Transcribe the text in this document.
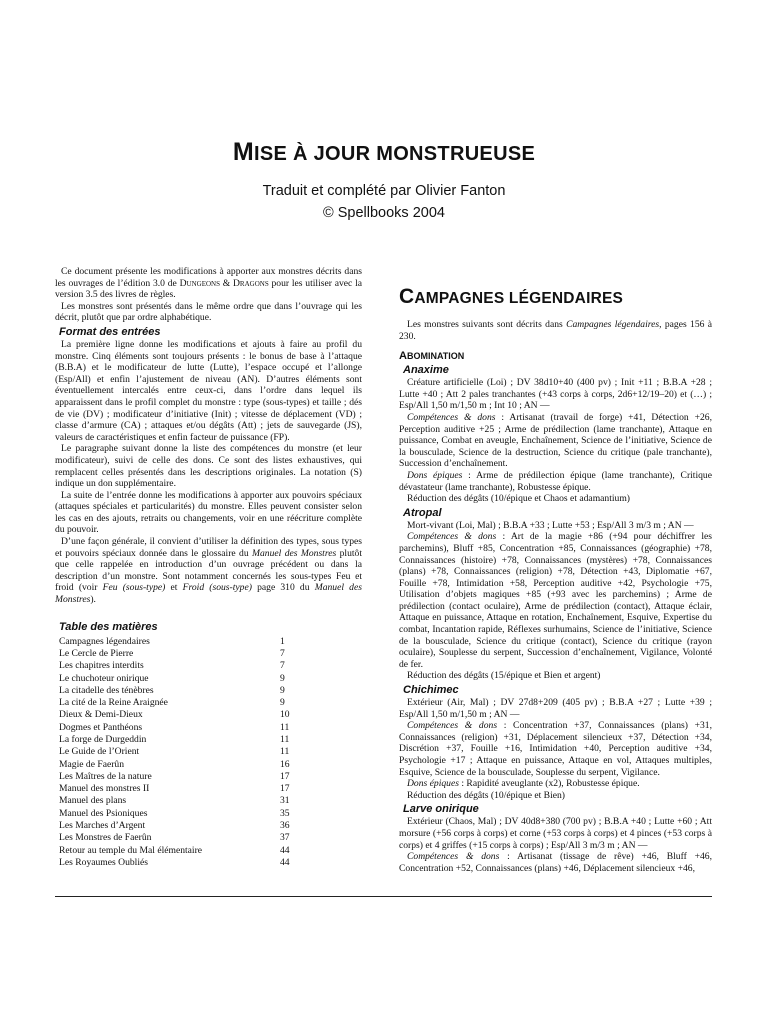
MISE À JOUR MONSTRUEUSE
Traduit et complété par Olivier Fanton
© Spellbooks 2004

Ce document présente les modifications à apporter aux monstres décrits dans les ouvrages de l’édition 3.0 de Dungeons & Dragons pour les utiliser avec la version 3.5 des livres de règles.

Les monstres sont présentés dans le même ordre que dans l’ouvrage qui les décrit, plutôt que par ordre alphabétique.

Format des entrées

La première ligne donne les modifications et ajouts à faire au profil du monstre. Cinq éléments sont toujours présents : le bonus de base à l’attaque (B.B.A) et le modificateur de lutte (Lutte), l’espace occupé et l’allonge (Esp/All) et enfin l’ajustement de niveau (AN). D’autres éléments sont éventuellement intercalés entre ceux-ci, dans l’ordre dans lequel ils apparaissent dans le profil complet du monstre : type (sous-types) et taille ; dés de vie (DV) ; modificateur d’initiative (Init) ; vitesse de déplacement (VD) ; classe d’armure (CA) ; attaques et/ou dégâts (Att) ; jets de sauvegarde (JS), valeurs de caractéristiques et enfin facteur de puissance (FP).

Le paragraphe suivant donne la liste des compétences du monstre (et leur modificateur), suivi de celle des dons. Ce sont des listes exhaustives, qui remplacent celles présentés dans les descriptions originales. La notation (S) indique un don supplémentaire.

La suite de l’entrée donne les modifications à apporter aux pouvoirs spéciaux (attaques spéciales et particularités) du monstre. Elles peuvent consister selon les cas en des ajouts, retraits ou changements, voir en une réécriture complète du pouvoir.

D’une façon générale, il convient d’utiliser la définition des types, sous types et pouvoirs spéciaux donnée dans le glossaire du Manuel des Monstres plutôt que celle rappelée en introduction d’un ouvrage précédent ou dans la description d’un monstre. Sont notamment concernés les sous-types Feu et froid (voir Feu (sous-type) et Froid (sous-type) page 310 du Manuel des Monstres).

Table des matières
Campagnes légendaires	1
Le Cercle de Pierre	7
Les chapitres interdits	7
Le chuchoteur onirique	9
La citadelle des ténèbres	9
La cité de la Reine Araignée	9
Dieux & Demi-Dieux	10
Dogmes et Panthéons	11
La forge de Durgeddin	11
Le Guide de l’Orient	11
Magie de Faerûn	16
Les Maîtres de la nature	17
Manuel des monstres II	17
Manuel des plans	31
Manuel des Psioniques	35
Les Marches d’Argent	36
Les Monstres de Faerûn	37
Retour au temple du Mal élémentaire	44
Les Royaumes Oubliés	44
CAMPAGNES LÉGENDAIRES

Les monstres suivants sont décrits dans Campagnes légendaires, pages 156 à 230.

ABOMINATION
Anaxime

Créature artificielle (Loi) ; DV 38d10+40 (400 pv) ; Init +11 ; B.B.A +28 ; Lutte +40 ; Att 2 pales tranchantes (+43 corps à corps, 2d6+12/19–20) et (…) ; Esp/All 1,50 m/1,50 m ; Int 10 ; AN —

Compétences & dons : Artisanat (travail de forge) +41, Détection +26, Perception auditive +25 ; Arme de prédilection (lame tranchante), Attaque en puissance, Combat en aveugle, Enchaînement, Science de l’initiative, Science de la bousculade, Science de la destruction, Science du critique (pale tranchante), Succession d’enchaînement.

Dons épiques : Arme de prédilection épique (lame tranchante), Critique dévastateur (lame tranchante), Robustesse épique.

Réduction des dégâts (10/épique et Chaos et adamantium)

Atropal

Mort-vivant (Loi, Mal) ; B.B.A +33 ; Lutte +53 ; Esp/All 3 m/3 m ; AN —

Compétences & dons : Art de la magie +86 (+94 pour déchiffrer les parchemins), Bluff +85, Concentration +85, Connaissances (géographie) +78, Connaissances (histoire) +78, Connaissances (mystères) +78, Connaissances (plans) +78, Connaissances (religion) +78, Détection +43, Diplomatie +67, Fouille +78, Intimidation +58, Perception auditive +42, Psychologie +75, Utilisation d’objets magiques +85 (+93 avec les parchemins) ; Arme de prédilection (contact oculaire), Arme de prédilection (contact), Attaque éclair, Attaque en puissance, Attaque en rotation, Enchaînement, Esquive, Expertise du combat, Incantation rapide, Réflexes surhumains, Science de l’initiative, Science de la bousculade, Science du critique (contact), Science du critique (rayon oculaire), Souplesse du serpent, Succession d’enchaînement, Vigilance, Volonté de fer.

Réduction des dégâts (15/épique et Bien et argent)

Chichimec

Extérieur (Air, Mal) ; DV 27d8+209 (405 pv) ; B.B.A +27 ; Lutte +39 ; Esp/All 1,50 m/1,50 m ; AN —

Compétences & dons : Concentration +37, Connaissances (plans) +31, Connaissances (religion) +31, Déplacement silencieux +37, Détection +34, Discrétion +37, Fouille +16, Intimidation +40, Perception auditive +34, Psychologie +17 ; Attaque en puissance, Attaque en vol, Attaques multiples, Esquive, Science de la bousculade, Souplesse du serpent, Vigilance.

Dons épiques : Rapidité aveuglante (x2), Robustesse épique.

Réduction des dégâts (10/épique et Bien)

Larve onirique

Extérieur (Chaos, Mal) ; DV 40d8+380 (700 pv) ; B.B.A +40 ; Lutte +60 ; Att morsure (+56 corps à corps) et corne (+53 corps à corps) et 4 pinces (+53 corps à corps) et 4 griffes (+15 corps à corps) ; Esp/All 3 m/3 m ; AN —

Compétences & dons : Artisanat (tissage de rêve) +46, Bluff +46, Concentration +52, Connaissances (plans) +46, Déplacement silencieux +46,
